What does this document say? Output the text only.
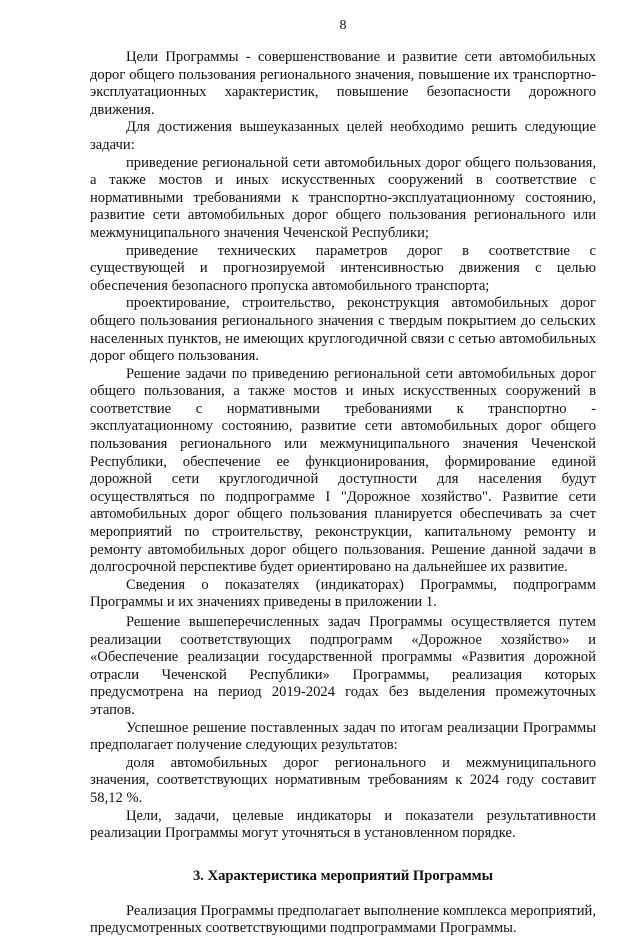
8

Цели Программы - совершенствование и развитие сети автомобильных дорог общего пользования регионального значения, повышение их транспортно-эксплуатационных характеристик, повышение безопасности дорожного движения.

Для достижения вышеуказанных целей необходимо решить следующие задачи:

приведение региональной сети автомобильных дорог общего пользования, а также мостов и иных искусственных сооружений в соответствие с нормативными требованиями к транспортно-эксплуатационному состоянию, развитие сети автомобильных дорог общего пользования регионального или межмуниципального значения Чеченской Республики;

приведение технических параметров дорог в соответствие с существующей и прогнозируемой интенсивностью движения с целью обеспечения безопасного пропуска автомобильного транспорта;

проектирование, строительство, реконструкция автомобильных дорог общего пользования регионального значения с твердым покрытием до сельских населенных пунктов, не имеющих круглогодичной связи с сетью автомобильных дорог общего пользования.

Решение задачи по приведению региональной сети автомобильных дорог общего пользования, а также мостов и иных искусственных сооружений в соответствие с нормативными требованиями к транспортно - эксплуатационному состоянию, развитие сети автомобильных дорог общего пользования регионального или межмуниципального значения Чеченской Республики, обеспечение ее функционирования, формирование единой дорожной сети круглогодичной доступности для населения будут осуществляться по подпрограмме I "Дорожное хозяйство". Развитие сети автомобильных дорог общего пользования планируется обеспечивать за счет мероприятий по строительству, реконструкции, капитальному ремонту и ремонту автомобильных дорог общего пользования. Решение данной задачи в долгосрочной перспективе будет ориентировано на дальнейшее их развитие.

Сведения о показателях (индикаторах) Программы, подпрограмм Программы и их значениях приведены в приложении 1.

Решение вышеперечисленных задач Программы осуществляется путем реализации соответствующих подпрограмм «Дорожное хозяйство» и «Обеспечение реализации государственной программы «Развития дорожной отрасли Чеченской Республики» Программы, реализация которых предусмотрена на период 2019-2024 годах без выделения промежуточных этапов.

Успешное решение поставленных задач по итогам реализации Программы предполагает получение следующих результатов:

доля автомобильных дорог регионального и межмуниципального значения, соответствующих нормативным требованиям к 2024 году составит 58,12 %.

Цели, задачи, целевые индикаторы и показатели результативности реализации Программы могут уточняться в установленном порядке.

3. Характеристика мероприятий Программы

Реализация Программы предполагает выполнение комплекса мероприятий, предусмотренных соответствующими подпрограммами Программы.
